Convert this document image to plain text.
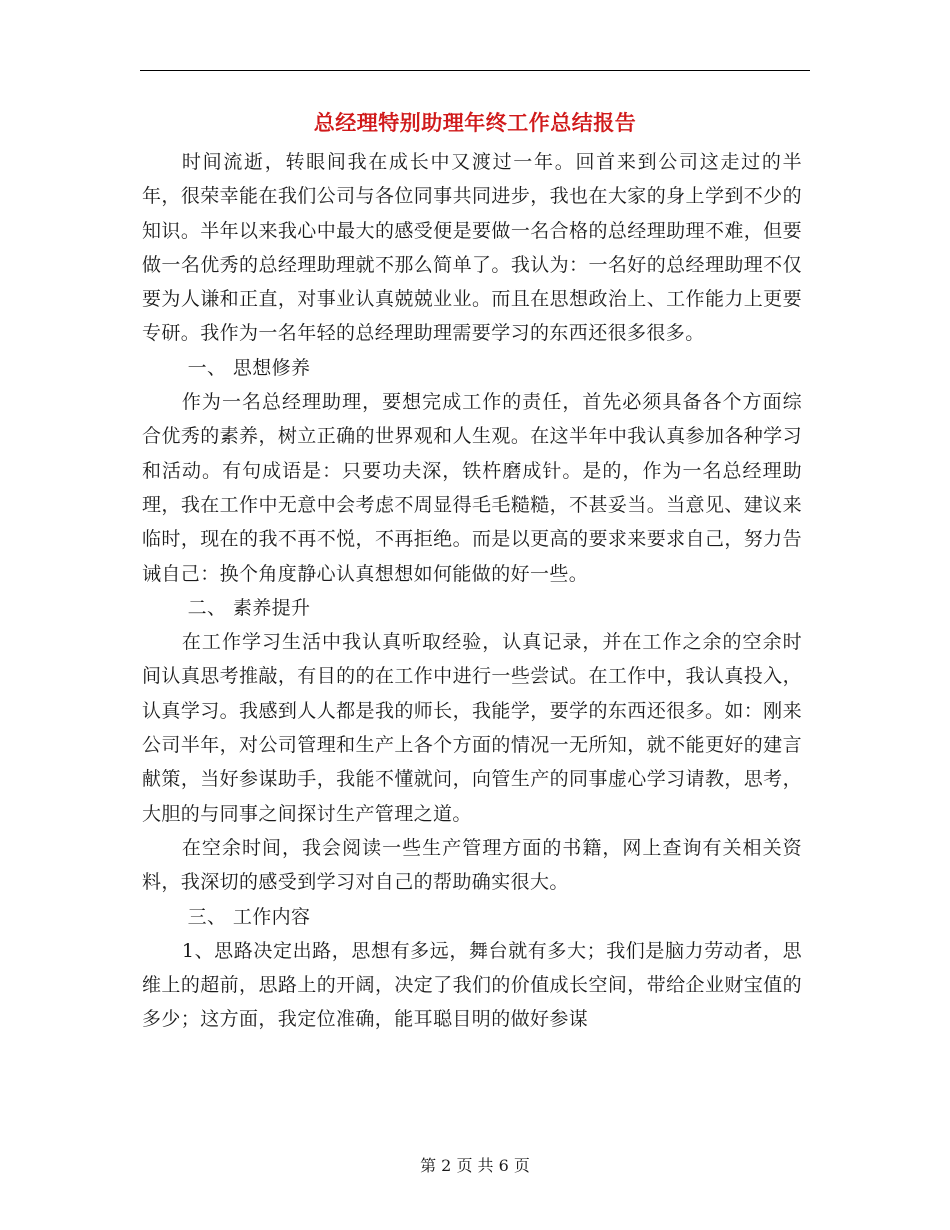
总经理特别助理年终工作总结报告

时间流逝，转眼间我在成长中又渡过一年。回首来到公司这走过的半年，很荣幸能在我们公司与各位同事共同进步，我也在大家的身上学到不少的知识。半年以来我心中最大的感受便是要做一名合格的总经理助理不难，但要做一名优秀的总经理助理就不那么简单了。我认为：一名好的总经理助理不仅要为人谦和正直，对事业认真兢兢业业。而且在思想政治上、工作能力上更要专研。我作为一名年轻的总经理助理需要学习的东西还很多很多。

一、 思想修养

作为一名总经理助理，要想完成工作的责任，首先必须具备各个方面综合优秀的素养，树立正确的世界观和人生观。在这半年中我认真参加各种学习和活动。有句成语是：只要功夫深，铁杵磨成针。是的，作为一名总经理助理，我在工作中无意中会考虑不周显得毛毛糙糙，不甚妥当。当意见、建议来临时，现在的我不再不悦，不再拒绝。而是以更高的要求来要求自己，努力告诫自己：换个角度静心认真想想如何能做的好一些。

二、 素养提升

在工作学习生活中我认真听取经验，认真记录，并在工作之余的空余时间认真思考推敲，有目的的在工作中进行一些尝试。在工作中，我认真投入，认真学习。我感到人人都是我的师长，我能学，要学的东西还很多。如：刚来公司半年，对公司管理和生产上各个方面的情况一无所知，就不能更好的建言献策，当好参谋助手，我能不懂就问，向管生产的同事虚心学习请教，思考，大胆的与同事之间探讨生产管理之道。

在空余时间，我会阅读一些生产管理方面的书籍，网上查询有关相关资料，我深切的感受到学习对自己的帮助确实很大。

三、 工作内容

1、思路决定出路，思想有多远，舞台就有多大；我们是脑力劳动者，思维上的超前，思路上的开阔，决定了我们的价值成长空间，带给企业财宝值的多少；这方面，我定位准确，能耳聪目明的做好参谋

第 2 页 共 6 页
